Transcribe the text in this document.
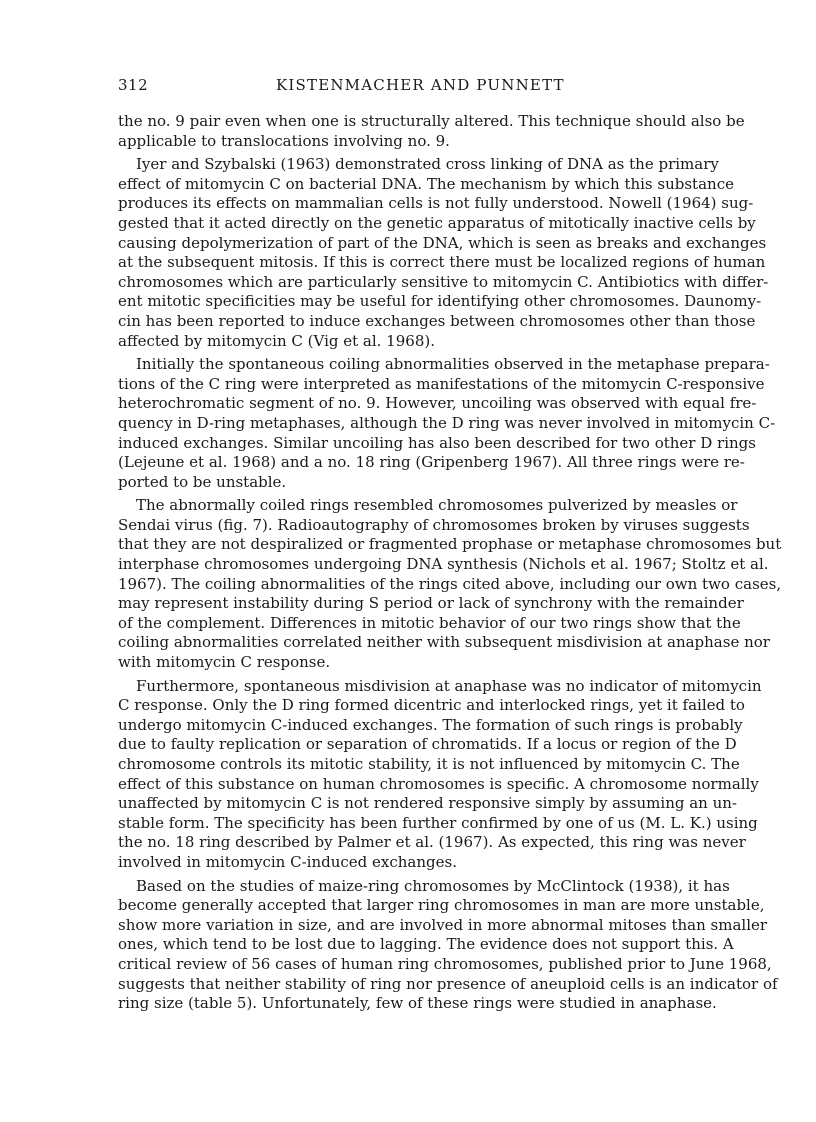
312	KISTENMACHER AND PUNNETT
the no. 9 pair even when one is structurally altered. This technique should also be
applicable to translocations involving no. 9.
Iyer and Szybalski (1963) demonstrated cross linking of DNA as the primary
effect of mitomycin C on bacterial DNA. The mechanism by which this substance
produces its effects on mammalian cells is not fully understood. Nowell (1964) sug-
gested that it acted directly on the genetic apparatus of mitotically inactive cells by
causing depolymerization of part of the DNA, which is seen as breaks and exchanges
at the subsequent mitosis. If this is correct there must be localized regions of human
chromosomes which are particularly sensitive to mitomycin C. Antibiotics with differ-
ent mitotic specificities may be useful for identifying other chromosomes. Daunomy-
cin has been reported to induce exchanges between chromosomes other than those
affected by mitomycin C (Vig et al. 1968).
Initially the spontaneous coiling abnormalities observed in the metaphase prepara-
tions of the C ring were interpreted as manifestations of the mitomycin C-responsive
heterochromatic segment of no. 9. However, uncoiling was observed with equal fre-
quency in D-ring metaphases, although the D ring was never involved in mitomycin C-
induced exchanges. Similar uncoiling has also been described for two other D rings
(Lejeune et al. 1968) and a no. 18 ring (Gripenberg 1967). All three rings were re-
ported to be unstable.
The abnormally coiled rings resembled chromosomes pulverized by measles or
Sendai virus (fig. 7). Radioautography of chromosomes broken by viruses suggests
that they are not despiralized or fragmented prophase or metaphase chromosomes but
interphase chromosomes undergoing DNA synthesis (Nichols et al. 1967; Stoltz et al.
1967). The coiling abnormalities of the rings cited above, including our own two cases,
may represent instability during S period or lack of synchrony with the remainder
of the complement. Differences in mitotic behavior of our two rings show that the
coiling abnormalities correlated neither with subsequent misdivision at anaphase nor
with mitomycin C response.
Furthermore, spontaneous misdivision at anaphase was no indicator of mitomycin
C response. Only the D ring formed dicentric and interlocked rings, yet it failed to
undergo mitomycin C-induced exchanges. The formation of such rings is probably
due to faulty replication or separation of chromatids. If a locus or region of the D
chromosome controls its mitotic stability, it is not influenced by mitomycin C. The
effect of this substance on human chromosomes is specific. A chromosome normally
unaffected by mitomycin C is not rendered responsive simply by assuming an un-
stable form. The specificity has been further confirmed by one of us (M. L. K.) using
the no. 18 ring described by Palmer et al. (1967). As expected, this ring was never
involved in mitomycin C-induced exchanges.
Based on the studies of maize-ring chromosomes by McClintock (1938), it has
become generally accepted that larger ring chromosomes in man are more unstable,
show more variation in size, and are involved in more abnormal mitoses than smaller
ones, which tend to be lost due to lagging. The evidence does not support this. A
critical review of 56 cases of human ring chromosomes, published prior to June 1968,
suggests that neither stability of ring nor presence of aneuploid cells is an indicator of
ring size (table 5). Unfortunately, few of these rings were studied in anaphase.
